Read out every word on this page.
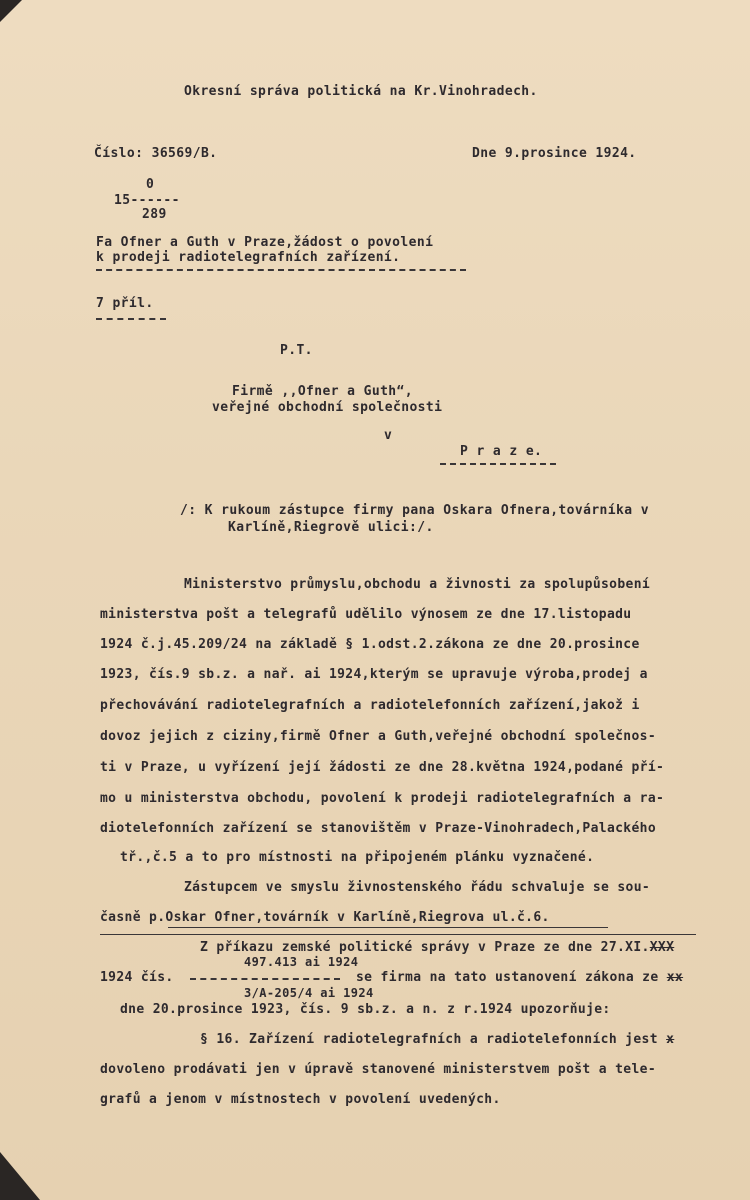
Okresní správa politická na Kr.Vinohradech.
Číslo: 36569/B.	Dne 9.prosince 1924.
0
15------
289
Fa Ofner a Guth v Praze,žádost o povolení
k prodeji radiotelegrafních zařízení.
7 příl.
P.T.
Firmě ,,Ofner a Guth“,
veřejné obchodní společnosti
v
P r a z e.
/: K rukoum zástupce firmy pana Oskara Ofnera,továrníka v
Karlíně,Riegrově ulici:/.
Ministerstvo průmyslu,obchodu a živnosti za spolupůsobení
ministerstva pošt a telegrafů udělilo výnosem ze dne 17.listopadu
1924 č.j.45.209/24 na základě § 1.odst.2.zákona ze dne 20.prosince
1923, čís.9 sb.z. a nař. ai 1924,kterým se upravuje výroba,prodej a
přechovávání radiotelegrafních a radiotelefonních zařízení,jakož i
dovoz jejich z ciziny,firmě Ofner a Guth,veřejné obchodní společnos-
ti v Praze, u vyřízení její žádosti ze dne 28.května 1924,podané pří-
mo u ministerstva obchodu, povolení k prodeji radiotelegrafních a ra-
diotelefonních zařízení se stanovištěm v Praze-Vinohradech,Palackého
tř.,č.5 a to pro místnosti na připojeném plánku vyznačené.
Zástupcem ve smyslu živnostenského řádu schvaluje se sou-
časně p.Oskar Ofner,továrník v Karlíně,Riegrova ul.č.6.
Z příkazu zemské politické správy v Praze ze dne 27.XI.XXX
497.413 ai 1924
1924 čís.	se firma na tato ustanovení zákona ze xx
3/A-205/4 ai 1924
dne 20.prosince 1923, čís. 9 sb.z. a n. z r.1924 upozorňuje:
§ 16. Zařízení radiotelegrafních a radiotelefonních jest x
dovoleno prodávati jen v úpravě stanovené ministerstvem pošt a tele-
grafů a jenom v místnostech v povolení uvedených.
